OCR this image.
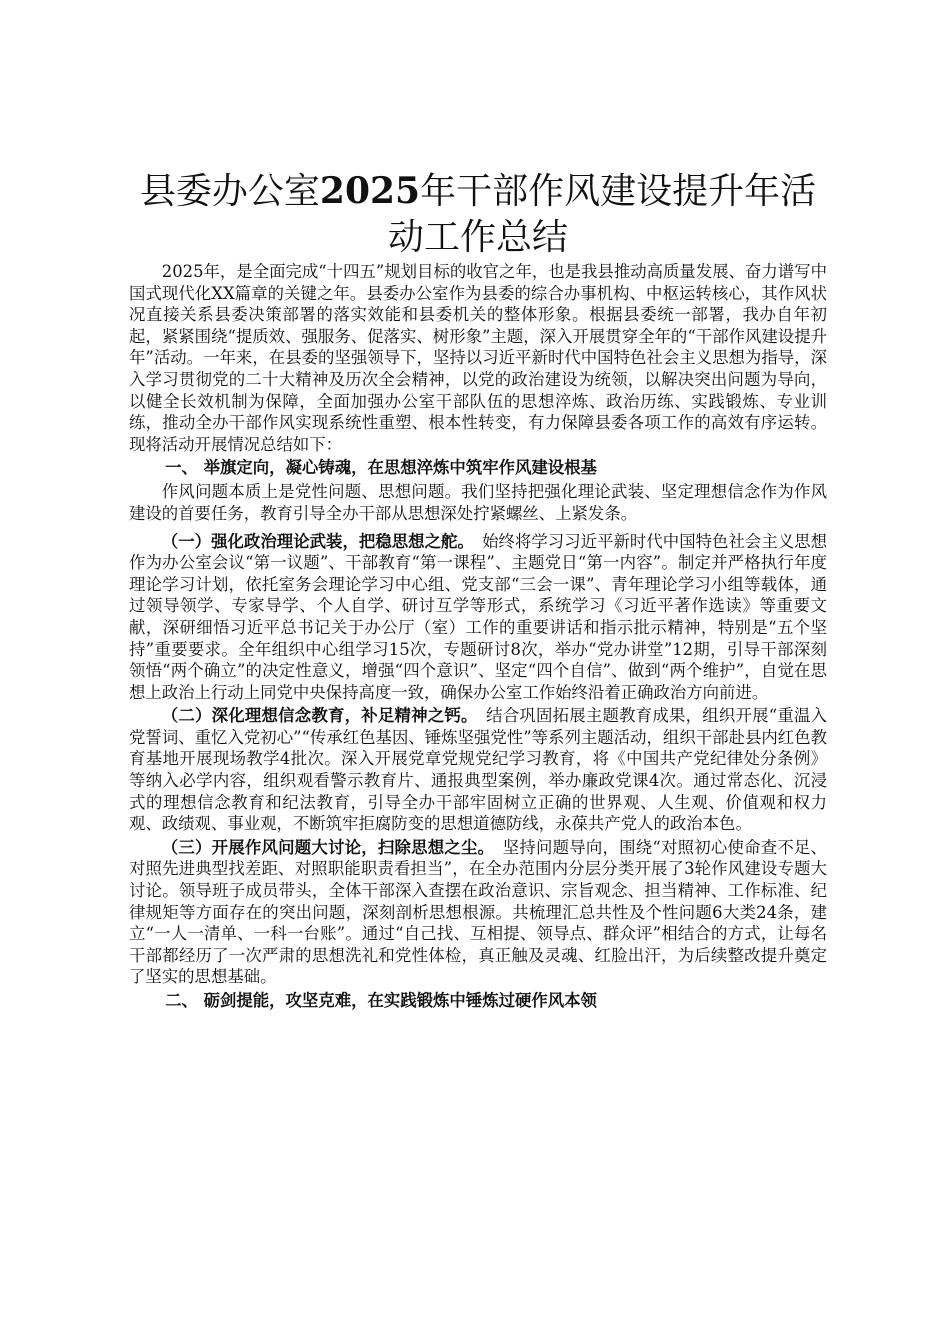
县委办公室2025年干部作风建设提升年活动工作总结

2025年，是全面完成“十四五”规划目标的收官之年，也是我县推动高质量发展、奋力谱写中国式现代化XX篇章的关键之年。县委办公室作为县委的综合办事机构、中枢运转核心，其作风状况直接关系县委决策部署的落实效能和县委机关的整体形象。根据县委统一部署，我办自年初起，紧紧围绕“提质效、强服务、促落实、树形象”主题，深入开展贯穿全年的“干部作风建设提升年”活动。一年来，在县委的坚强领导下，坚持以习近平新时代中国特色社会主义思想为指导，深入学习贯彻党的二十大精神及历次全会精神，以党的政治建设为统领，以解决突出问题为导向，以健全长效机制为保障，全面加强办公室干部队伍的思想淬炼、政治历练、实践锻炼、专业训练，推动全办干部作风实现系统性重塑、根本性转变，有力保障县委各项工作的高效有序运转。现将活动开展情况总结如下：

一、 举旗定向，凝心铸魂，在思想淬炼中筑牢作风建设根基

作风问题本质上是党性问题、思想问题。我们坚持把强化理论武装、坚定理想信念作为作风建设的首要任务，教育引导全办干部从思想深处拧紧螺丝、上紧发条。

（一）强化政治理论武装，把稳思想之舵。　 始终将学习习近平新时代中国特色社会主义思想作为办公室会议“第一议题”、干部教育“第一课程”、主题党日“第一内容”。制定并严格执行年度理论学习计划，依托室务会理论学习中心组、党支部“三会一课”、青年理论学习小组等载体，通过领导领学、专家导学、个人自学、研讨互学等形式，系统学习《习近平著作选读》等重要文献，深研细悟习近平总书记关于办公厅（室）工作的重要讲话和指示批示精神，特别是“五个坚持”重要要求。全年组织中心组学习15次，专题研讨8次，举办“党办讲堂”12期，引导干部深刻领悟“两个确立”的决定性意义，增强“四个意识”、坚定“四个自信”、做到“两个维护”，自觉在思想上政治上行动上同党中央保持高度一致，确保办公室工作始终沿着正确政治方向前进。

（二）深化理想信念教育，补足精神之钙。　 结合巩固拓展主题教育成果，组织开展“重温入党誓词、重忆入党初心”“传承红色基因、锤炼坚强党性”等系列主题活动，组织干部赴县内红色教育基地开展现场教学4批次。深入开展党章党规党纪学习教育，将《中国共产党纪律处分条例》等纳入必学内容，组织观看警示教育片、通报典型案例，举办廉政党课4次。通过常态化、沉浸式的理想信念教育和纪法教育，引导全办干部牢固树立正确的世界观、人生观、价值观和权力观、政绩观、事业观，不断筑牢拒腐防变的思想道德防线，永葆共产党人的政治本色。

（三）开展作风问题大讨论，扫除思想之尘。　 坚持问题导向，围绕“对照初心使命查不足、对照先进典型找差距、对照职能职责看担当”，在全办范围内分层分类开展了3轮作风建设专题大讨论。领导班子成员带头，全体干部深入查摆在政治意识、宗旨观念、担当精神、工作标准、纪律规矩等方面存在的突出问题，深刻剖析思想根源。共梳理汇总共性及个性问题6大类24条，建立“一人一清单、一科一台账”。通过“自己找、互相提、领导点、群众评”相结合的方式，让每名干部都经历了一次严肃的思想洗礼和党性体检，真正触及灵魂、红脸出汗，为后续整改提升奠定了坚实的思想基础。

二、 砺剑提能，攻坚克难，在实践锻炼中锤炼过硬作风本领
